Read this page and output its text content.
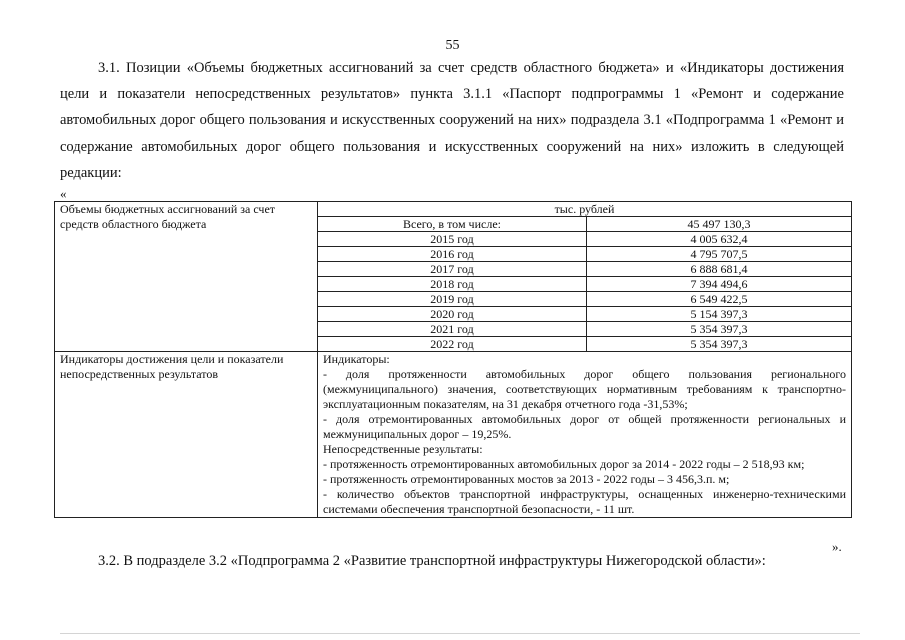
55

3.1. Позиции «Объемы бюджетных ассигнований за счет средств областного бюджета» и «Индикаторы достижения цели и показатели непосредственных результатов» пункта 3.1.1 «Паспорт подпрограммы 1 «Ремонт и содержание автомобильных дорог общего пользования и искусственных сооружений на них» подраздела 3.1 «Подпрограмма 1 «Ремонт и содержание автомобильных дорог общего пользования и искусственных сооружений на них» изложить в следующей редакции:

«
Объемы бюджетных ассигнований за счет средств областного бюджета	
тыс. рублей
Всего, в том числе:	45 497 130,3
2015 год	4 005 632,4
2016 год	4 795 707,5
2017 год	6 888 681,4
2018 год	7 394 494,6
2019 год	6 549 422,5
2020 год	5 154 397,3
2021 год	5 354 397,3
2022 год	5 354 397,3

Индикаторы достижения цели и показатели непосредственных результатов	
Индикаторы:
- доля протяженности автомобильных дорог общего пользования регионального (межмуниципального) значения, соответствующих нормативным требованиям к транспортно-эксплуатационным показателям, на 31 декабря отчетного года -31,53%;
- доля отремонтированных автомобильных дорог от общей протяженности региональных и межмуниципальных дорог – 19,25%.
Непосредственные результаты:
- протяженность отремонтированных автомобильных дорог за 2014 - 2022 годы – 2 518,93 км;
- протяженность отремонтированных мостов за 2013 - 2022 годы – 3 456,3.п. м;
- количество объектов транспортной инфраструктуры, оснащенных инженерно-техническими системами обеспечения транспортной безопасности, - 11 шт.
».
3.2. В подразделе 3.2 «Подпрограмма 2 «Развитие транспортной инфраструктуры Нижегородской области»:
